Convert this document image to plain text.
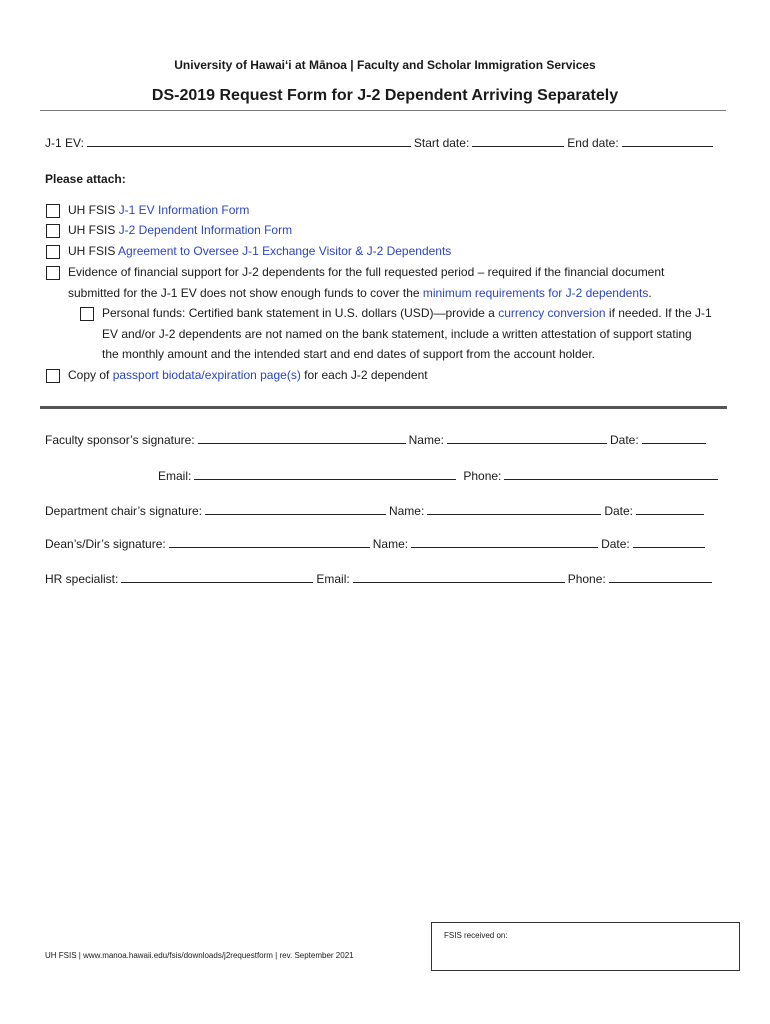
University of Hawaiʻi at Mānoa | Faculty and Scholar Immigration Services
DS-2019 Request Form for J-2 Dependent Arriving Separately
J-1 EV:	Start date:	End date:
Please attach:
UH FSIS J-1 EV Information Form
UH FSIS J-2 Dependent Information Form
UH FSIS Agreement to Oversee J-1 Exchange Visitor & J-2 Dependents
Evidence of financial support for J-2 dependents for the full requested period – required if the financial document
submitted for the J-1 EV does not show enough funds to cover the minimum requirements for J-2 dependents.
Personal funds: Certified bank statement in U.S. dollars (USD)—provide a currency conversion if needed. If the J-1
EV and/or J-2 dependents are not named on the bank statement, include a written attestation of support stating
the monthly amount and the intended start and end dates of support from the account holder.
Copy of passport biodata/expiration page(s) for each J-2 dependent
Faculty sponsor’s signature:	Name:	Date:
Email:	Phone:
Department chair’s signature:	Name:	Date:
Dean’s/Dir’s signature:	Name:	Date:
HR specialist:	Email:	Phone:
FSIS received on:
UH FSIS | www.manoa.hawaii.edu/fsis/downloads/j2requestform | rev. September 2021
